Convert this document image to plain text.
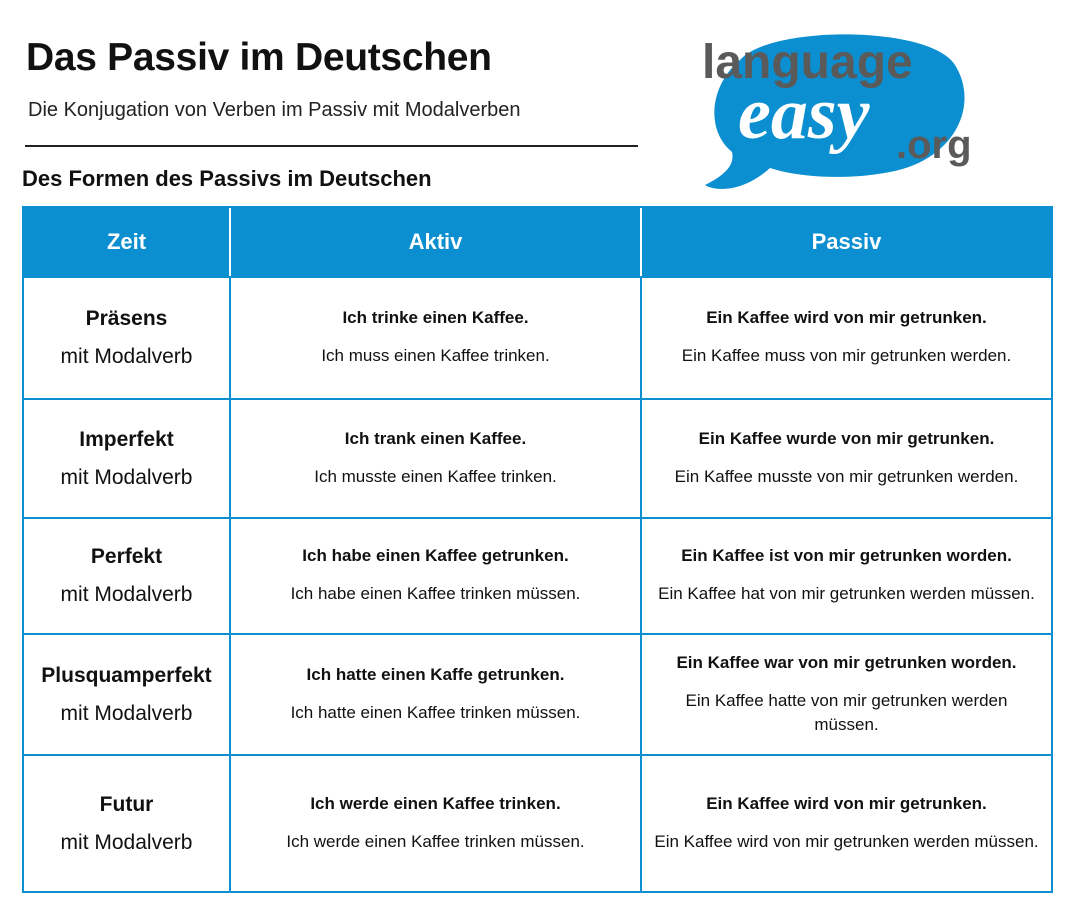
Das Passiv im Deutschen
Die Konjugation von Verben im Passiv mit Modalverben
Des Formen des Passivs im Deutschen
language
easy .org
Zeit	Aktiv	Passiv
Präsens
mit Modalverb
Ich trinke einen Kaffee.
Ich muss einen Kaffee trinken.
Ein Kaffee wird von mir getrunken.
Ein Kaffee muss von mir getrunken werden.
Imperfekt
mit Modalverb
Ich trank einen Kaffee.
Ich musste einen Kaffee trinken.
Ein Kaffee wurde von mir getrunken.
Ein Kaffee musste von mir getrunken werden.
Perfekt
mit Modalverb
Ich habe einen Kaffee getrunken.
Ich habe einen Kaffee trinken müssen.
Ein Kaffee ist von mir getrunken worden.
Ein Kaffee hat von mir getrunken werden müssen.
Plusquamperfekt
mit Modalverb
Ich hatte einen Kaffe getrunken.
Ich hatte einen Kaffee trinken müssen.
Ein Kaffee war von mir getrunken worden.
Ein Kaffee hatte von mir getrunken werden müssen.
Futur
mit Modalverb
Ich werde einen Kaffee trinken.
Ich werde einen Kaffee trinken müssen.
Ein Kaffee wird von mir getrunken.
Ein Kaffee wird von mir getrunken werden müssen.
